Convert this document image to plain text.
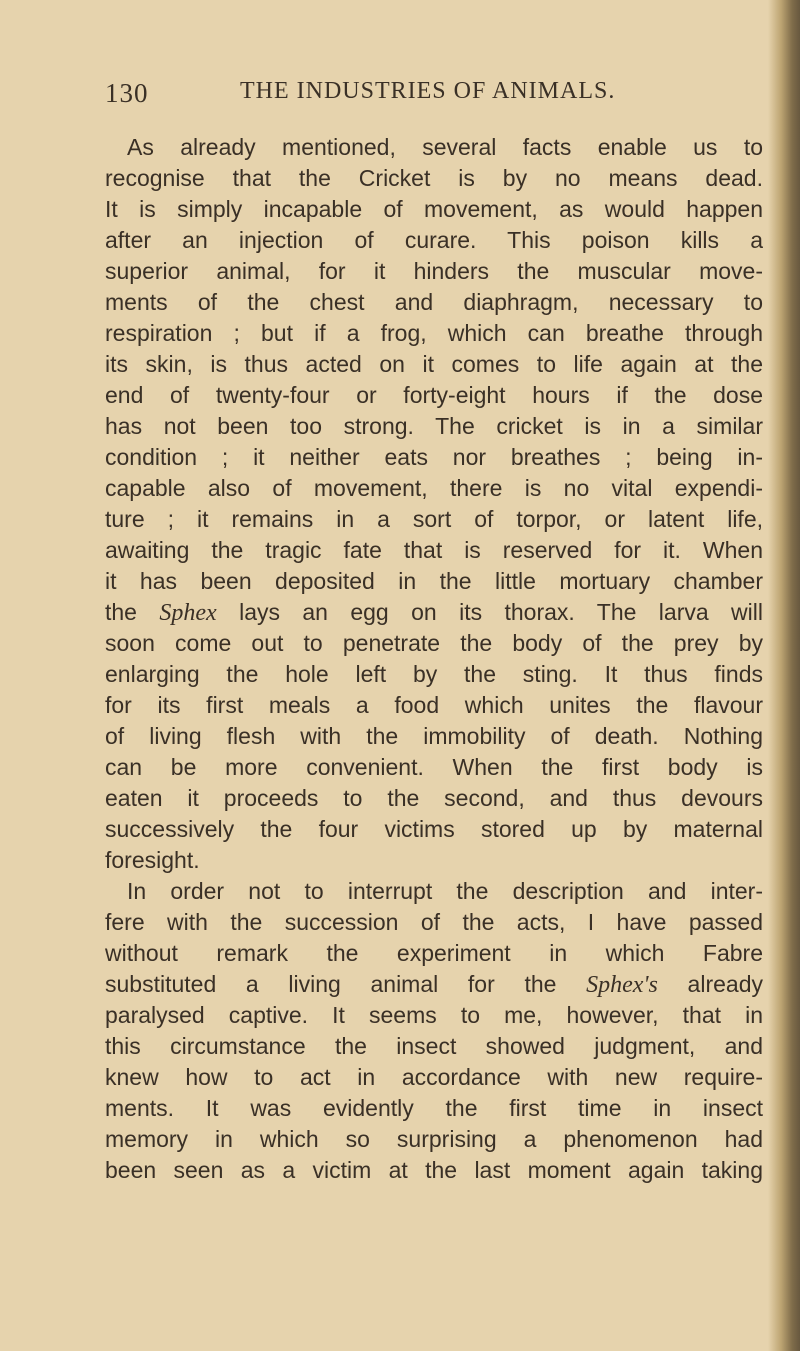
130	THE INDUSTRIES OF ANIMALS.
As already mentioned, several facts enable us to
recognise that the Cricket is by no means dead.
It is simply incapable of movement, as would happen
after an injection of curare. This poison kills a
superior animal, for it hinders the muscular move-
ments of the chest and diaphragm, necessary to
respiration ; but if a frog, which can breathe through
its skin, is thus acted on it comes to life again at the
end of twenty-four or forty-eight hours if the dose
has not been too strong. The cricket is in a similar
condition ; it neither eats nor breathes ; being in-
capable also of movement, there is no vital expendi-
ture ; it remains in a sort of torpor, or latent life,
awaiting the tragic fate that is reserved for it. When
it has been deposited in the little mortuary chamber
the Sphex lays an egg on its thorax. The larva will
soon come out to penetrate the body of the prey by
enlarging the hole left by the sting. It thus finds
for its first meals a food which unites the flavour
of living flesh with the immobility of death. Nothing
can be more convenient. When the first body is
eaten it proceeds to the second, and thus devours
successively the four victims stored up by maternal
foresight.
In order not to interrupt the description and inter-
fere with the succession of the acts, I have passed
without remark the experiment in which Fabre
substituted a living animal for the Sphex's already
paralysed captive. It seems to me, however, that in
this circumstance the insect showed judgment, and
knew how to act in accordance with new require-
ments. It was evidently the first time in insect
memory in which so surprising a phenomenon had
been seen as a victim at the last moment again taking
